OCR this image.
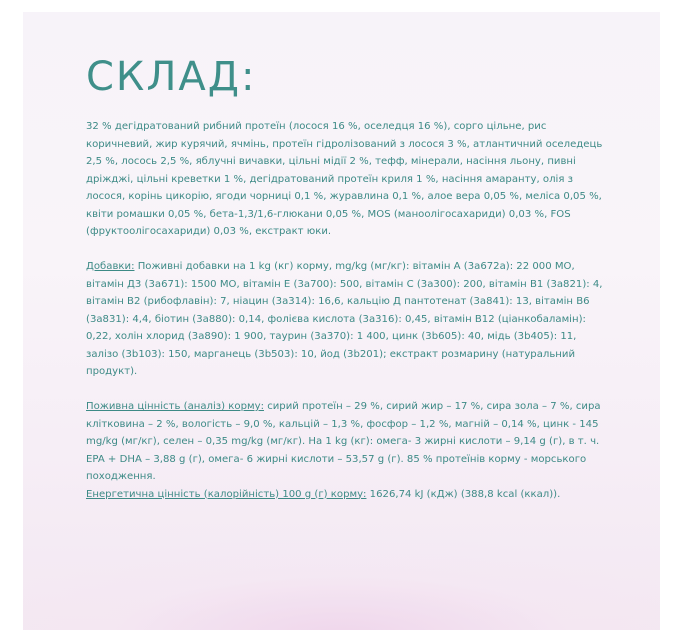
СКЛАД:

32 % дегідратований рибний протеїн (лосося 16 %, оселедця 16 %), сорго цільне, рис коричневий, жир курячий, ячмінь, протеїн гідролізований з лосося 3 %, атлантичний оселедець 2,5 %, лосось 2,5 %, яблучні вичавки, цільні мідії 2 %, тефф, мінерали, насіння льону, пивні дріжджі, цільні креветки 1 %, дегідратований протеїн криля 1 %, насіння амаранту, олія з лосося, корінь цикорію, ягоди чорниці 0,1 %, журавлина 0,1 %, алое вера 0,05 %, меліса 0,05 %, квіти ромашки 0,05 %, бета-1,3/1,6-глюкани 0,05 %, MOS (маноолігосахариди) 0,03 %, FOS (фруктоолігосахариди) 0,03 %, екстракт юки.

Добавки: Поживні добавки на 1 kg (кг) корму, mg/kg (мг/кг): вітамін A (3a672a): 22 000 MO, вітамін Д3 (3a671): 1500 MO, вітамін E (3a700): 500, вітамін C (3a300): 200, вітамін B1 (3a821): 4, вітамін B2 (рибофлавін): 7, ніацин (3a314): 16,6, кальцію Д пантотенат (3a841): 13, вітамін B6 (3a831): 4,4, біотин (3a880): 0,14, фолієва кислота (3a316): 0,45, вітамін B12 (ціанкобаламін): 0,22, холін хлорид (3a890): 1 900, таурин (3a370): 1 400, цинк (3b605): 40, мідь (3b405): 11, залізо (3b103): 150, марганець (3b503): 10, йод (3b201); екстракт розмарину (натуральний продукт).

Поживна цінність (аналіз) корму: сирий протеїн – 29 %, сирий жир – 17 %, сира зола – 7 %, сира клітковина – 2 %, вологість – 9,0 %, кальцій – 1,3 %, фосфор – 1,2 %, магній – 0,14 %, цинк - 145 mg/kg (мг/кг), селен – 0,35 mg/kg (мг/кг). На 1 kg (кг): омега- 3 жирні кислоти – 9,14 g (г), в т. ч. EPA + DHA – 3,88 g (г), омега- 6 жирні кислоти – 53,57 g (г). 85 % протеїнів корму - морського походження.

Енергетична цінність (калорійність) 100 g (г) корму: 1626,74 kJ (кДж) (388,8 kcal (ккал)).
